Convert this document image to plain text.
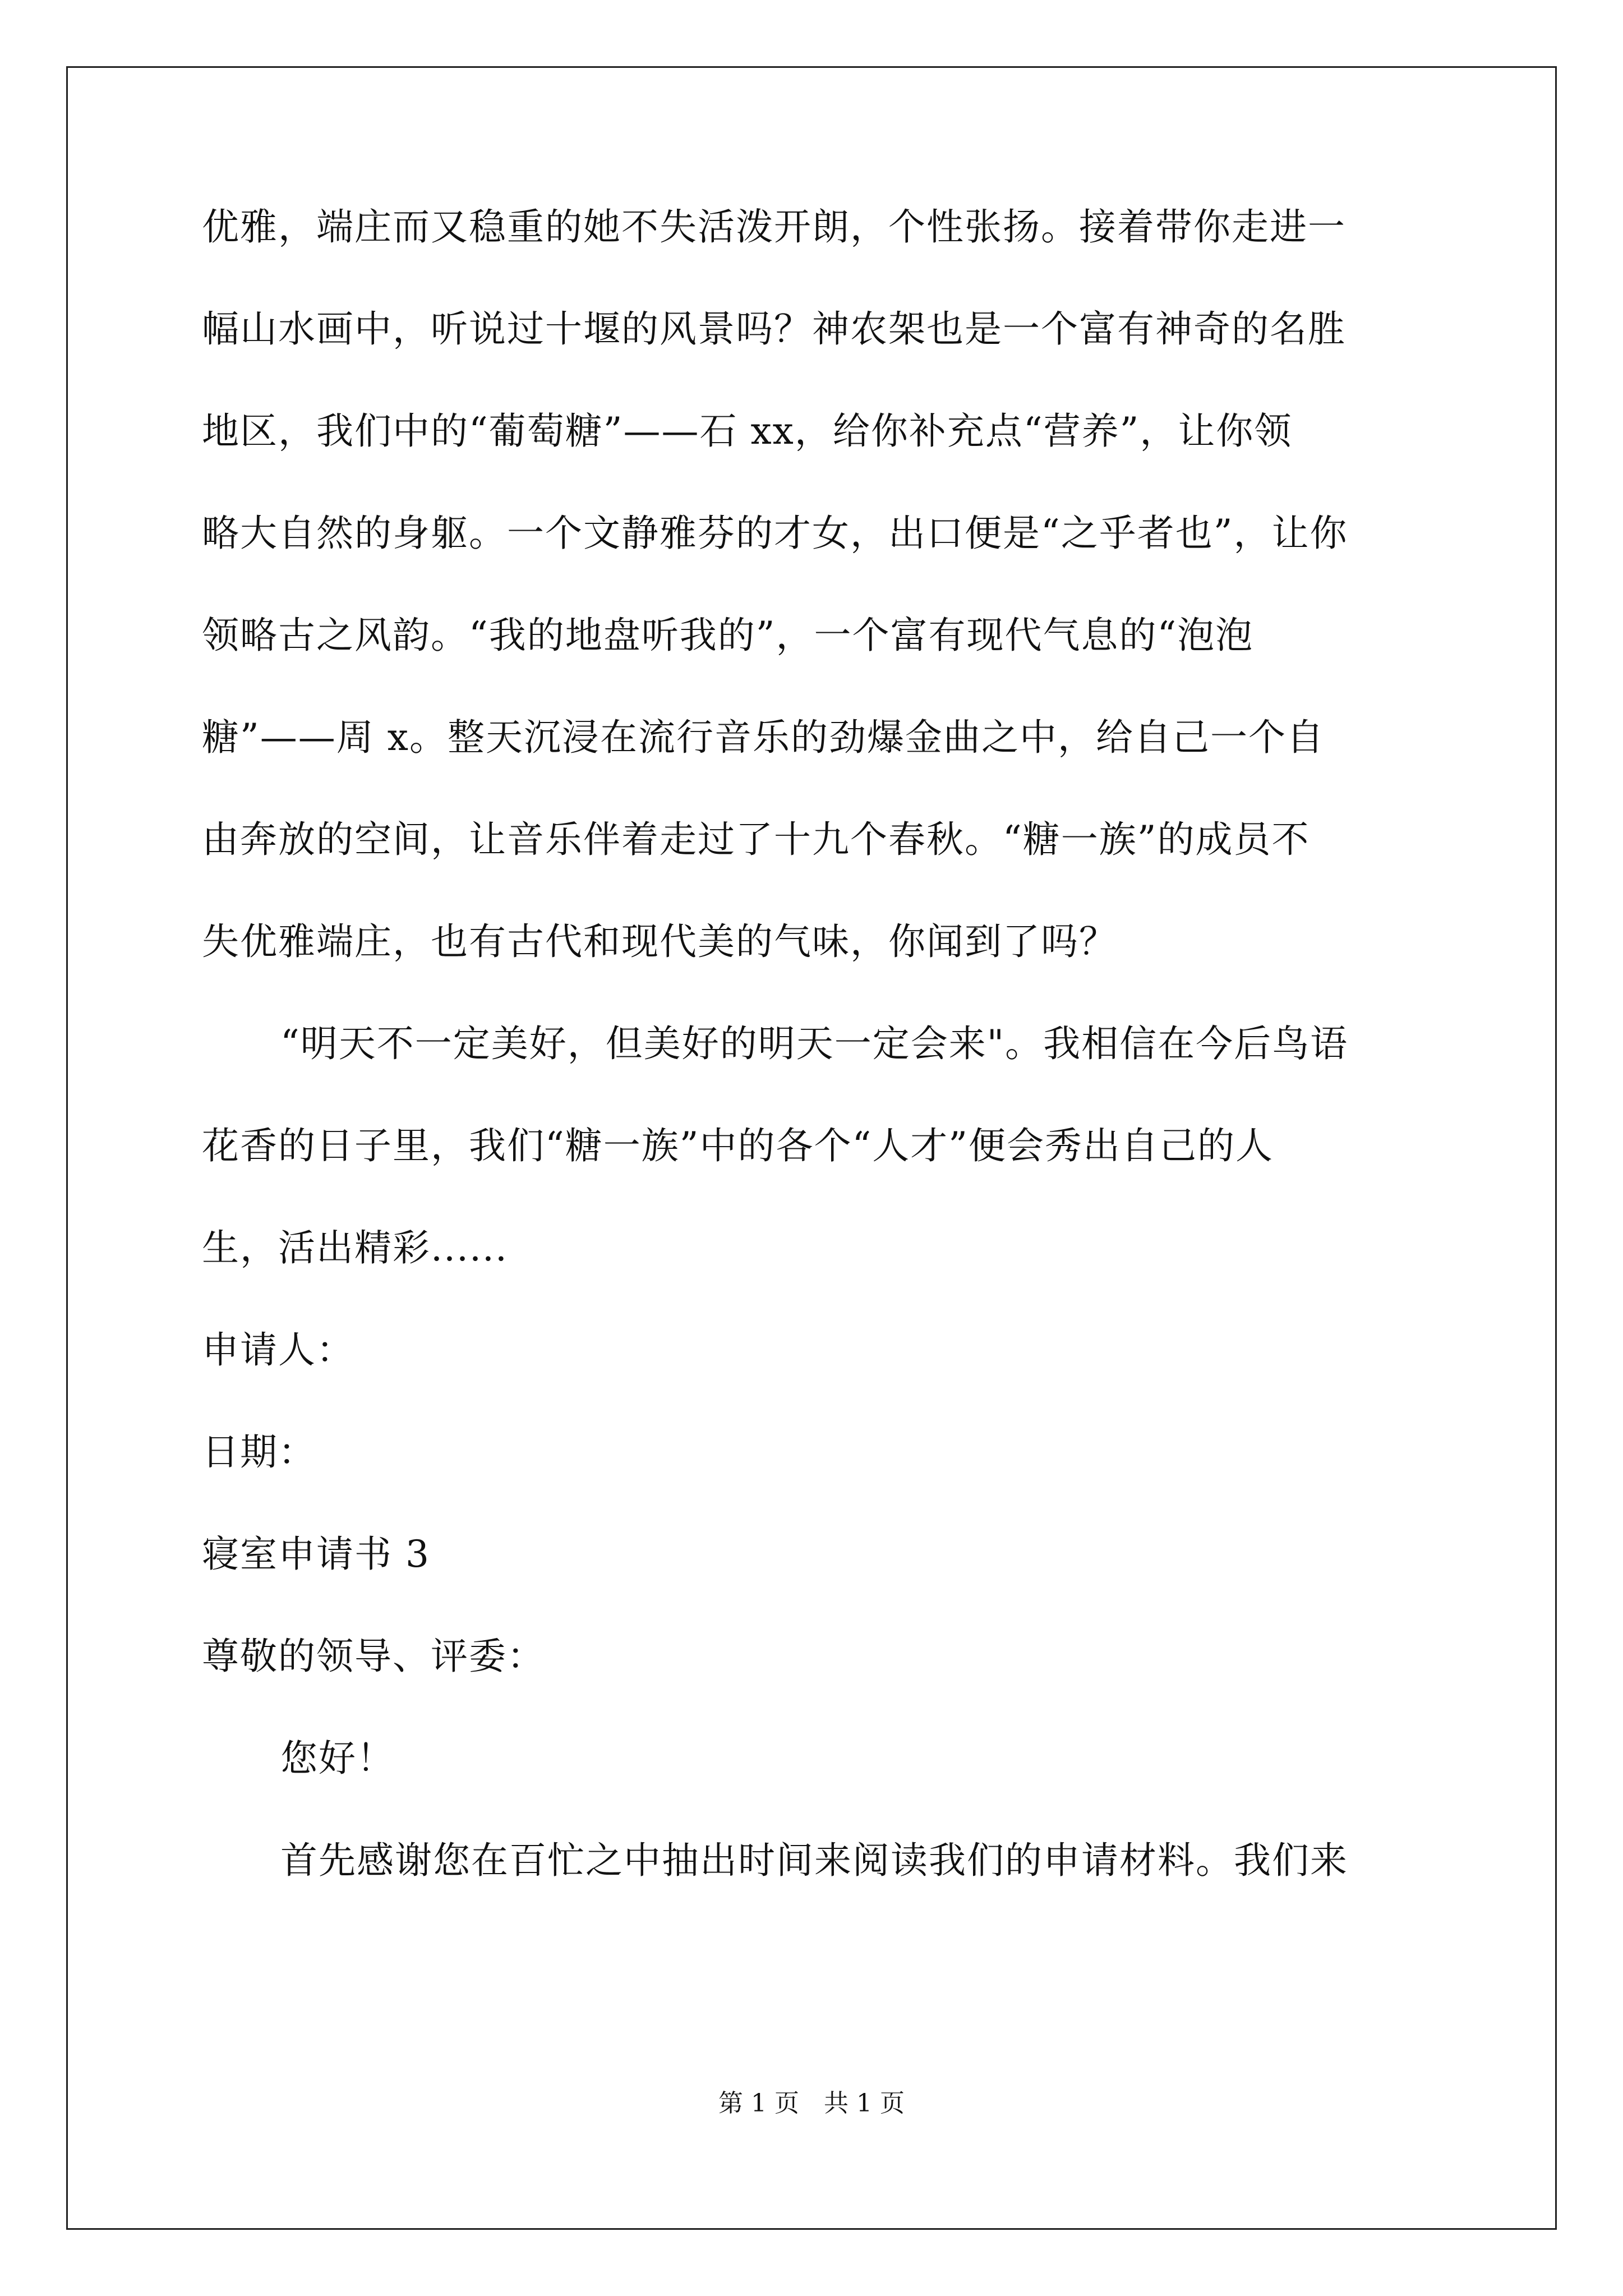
优雅，端庄而又稳重的她不失活泼开朗，个性张扬。接着带你走进一
幅山水画中，听说过十堰的风景吗？神农架也是一个富有神奇的名胜
地区，我们中的“葡萄糖”——石 xx，给你补充点“营养”，让你领
略大自然的身躯。一个文静雅芬的才女，出口便是“之乎者也”，让你
领略古之风韵。“我的地盘听我的”，一个富有现代气息的“泡泡
糖”——周 x。整天沉浸在流行音乐的劲爆金曲之中，给自己一个自
由奔放的空间，让音乐伴着走过了十九个春秋。“糖一族”的成员不
失优雅端庄，也有古代和现代美的气味，你闻到了吗？
“明天不一定美好，但美好的明天一定会来"。我相信在今后鸟语
花香的日子里，我们“糖一族”中的各个“人才”便会秀出自己的人
生，活出精彩......
申请人：
日期：
寝室申请书 3
尊敬的领导、评委：
您好！
首先感谢您在百忙之中抽出时间来阅读我们的申请材料。我们来
第 1 页　共 1 页
